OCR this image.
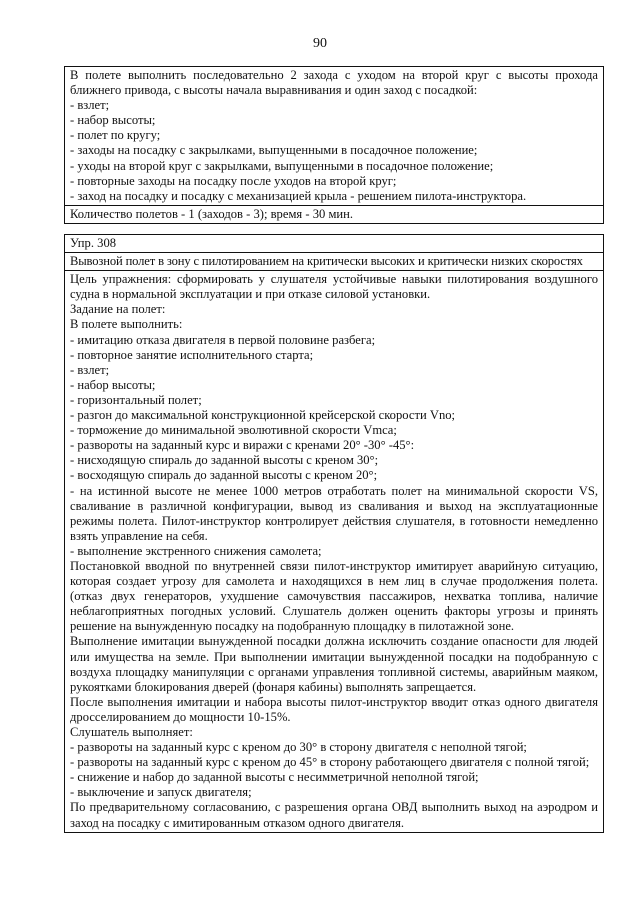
90

В полете выполнить последовательно 2 захода с уходом на второй круг с высоты прохода ближнего привода, с высоты начала выравнивания и один заход с посадкой:

- взлет;

- набор высоты;

- полет по кругу;

- заходы на посадку с закрылками, выпущенными в посадочное положение;

- уходы на второй круг с закрылками, выпущенными в посадочное положение;

- повторные заходы на посадку после уходов на второй круг;

- заход на посадку и посадку с механизацией крыла - решением пилота-инструктора.

Количество полетов - 1 (заходов - 3); время - 30 мин.

Упр. 308

Вывозной полет в зону с пилотированием на критически высоких и критически низких скоростях

Цель упражнения: сформировать у слушателя устойчивые навыки пилотирования воздушного судна в нормальной эксплуатации и при отказе силовой установки.

Задание на полет:

В полете выполнить:

- имитацию отказа двигателя в первой половине разбега;

- повторное занятие исполнительного старта;

- взлет;

- набор высоты;

- горизонтальный полет;

- разгон до максимальной конструкционной крейсерской скорости Vno;

- торможение до минимальной эволютивной скорости Vmca;

- развороты на заданный курс и виражи с кренами 20° -30° -45°:

- нисходящую спираль до заданной высоты с креном 30°;

- восходящую спираль до заданной высоты с креном 20°;

- на истинной высоте не менее 1000 метров отработать полет на минимальной скорости VS, сваливание в различной конфигурации, вывод из сваливания и выход на эксплуатационные режимы полета. Пилот-инструктор контролирует действия слушателя, в готовности немедленно взять управление на себя.

- выполнение экстренного снижения самолета;

Постановкой вводной по внутренней связи пилот-инструктор имитирует аварийную ситуацию, которая создает угрозу для самолета и находящихся в нем лиц в случае продолжения полета. (отказ двух генераторов, ухудшение самочувствия пассажиров, нехватка топлива, наличие неблагоприятных погодных условий. Слушатель должен оценить факторы угрозы и принять решение на вынужденную посадку на подобранную площадку в пилотажной зоне.

Выполнение имитации вынужденной посадки должна исключить создание опасности для людей или имущества на земле. При выполнении имитации вынужденной посадки на подобранную с воздуха площадку манипуляции с органами управления топливной системы, аварийным маяком, рукоятками блокирования дверей (фонаря кабины) выполнять запрещается.

После выполнения имитации и набора высоты пилот-инструктор вводит отказ одного двигателя дросселированием до мощности 10-15%.

Слушатель выполняет:

- развороты на заданный курс с креном до 30° в сторону двигателя с неполной тягой;

- развороты на заданный курс с креном до 45° в сторону работающего двигателя с полной тягой;

- снижение и набор до заданной высоты с несимметричной неполной тягой;

- выключение и запуск двигателя;

По предварительному согласованию, с разрешения органа ОВД выполнить выход на аэродром и заход на посадку с имитированным отказом одного двигателя.
